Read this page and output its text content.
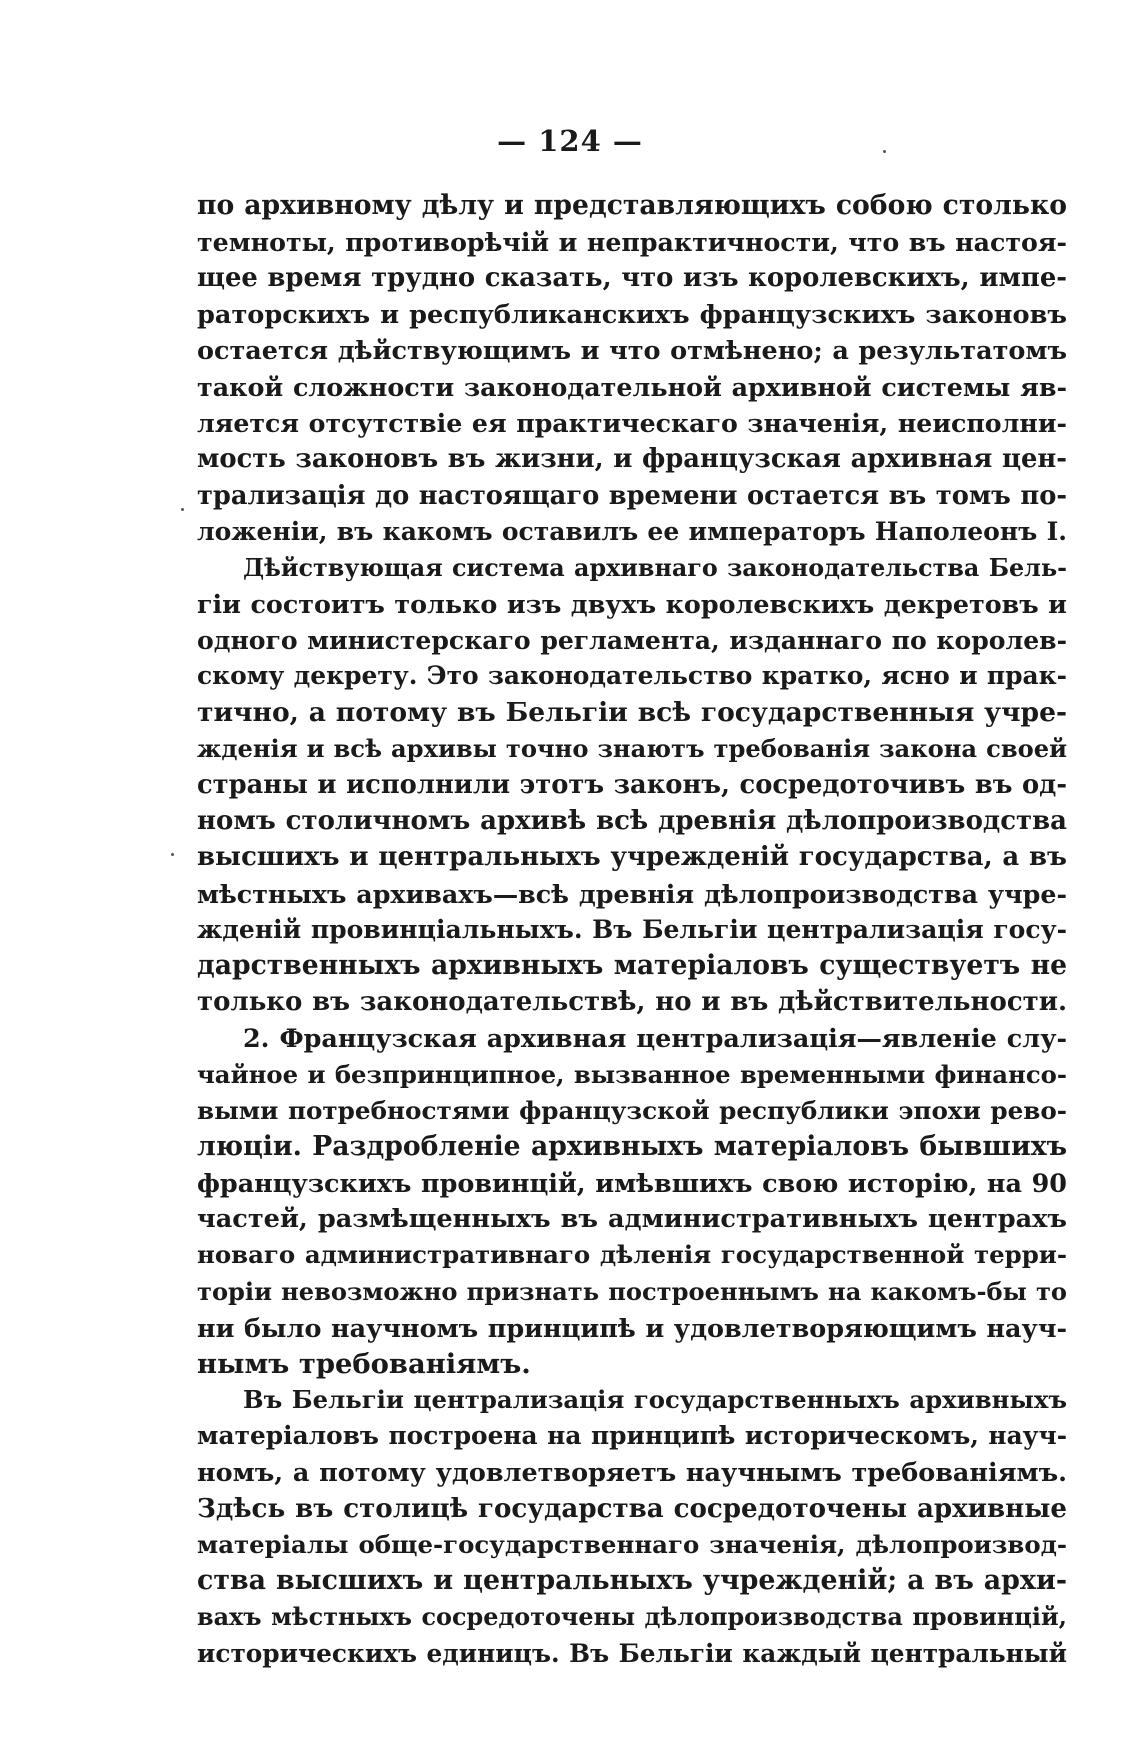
— 124 —
по архивному дѣлу и представляющихъ собою столько
темноты, противорѣчій и непрактичности, что въ настоя-
щее время трудно сказать, что изъ королевскихъ, импе-
раторскихъ и республиканскихъ французскихъ законовъ
остается дѣйствующимъ и что отмѣнено; а результатомъ
такой сложности законодательной архивной системы яв-
ляется отсутствіе ея практическаго значенія, неисполни-
мость законовъ въ жизни, и французская архивная цен-
трализація до настоящаго времени остается въ томъ по-
ложеніи, въ какомъ оставилъ ее императоръ Наполеонъ I.
Дѣйствующая система архивнаго законодательства Бель-
гіи состоитъ только изъ двухъ королевскихъ декретовъ и
одного министерскаго регламента, изданнаго по королев-
скому декрету. Это законодательство кратко, ясно и прак-
тично, а потому въ Бельгіи всѣ государственныя учре-
жденія и всѣ архивы точно знаютъ требованія закона своей
страны и исполнили этотъ законъ, сосредоточивъ въ од-
номъ столичномъ архивѣ всѣ древнія дѣлопроизводства
высшихъ и центральныхъ учрежденій государства, а въ
мѣстныхъ архивахъ—всѣ древнія дѣлопроизводства учре-
жденій провинціальныхъ. Въ Бельгіи централизація госу-
дарственныхъ архивныхъ матеріаловъ существуетъ не
только въ законодательствѣ, но и въ дѣйствительности.
2. Французская архивная централизація—явленіе слу-
чайное и безпринципное, вызванное временными финансо-
выми потребностями французской республики эпохи рево-
люціи. Раздробленіе архивныхъ матеріаловъ бывшихъ
французскихъ провинцій, имѣвшихъ свою исторію, на 90
частей, размѣщенныхъ въ административныхъ центрахъ
новаго административнаго дѣленія государственной терри-
торіи невозможно признать построеннымъ на какомъ-бы то
ни было научномъ принципѣ и удовлетворяющимъ науч-
нымъ требованіямъ.
Въ Бельгіи централизація государственныхъ архивныхъ
матеріаловъ построена на принципѣ историческомъ, науч-
номъ, а потому удовлетворяетъ научнымъ требованіямъ.
Здѣсь въ столицѣ государства сосредоточены архивные
матеріалы обще-государственнаго значенія, дѣлопроизвод-
ства высшихъ и центральныхъ учрежденій; а въ архи-
вахъ мѣстныхъ сосредоточены дѣлопроизводства провинцій,
историческихъ единицъ. Въ Бельгіи каждый центральный
